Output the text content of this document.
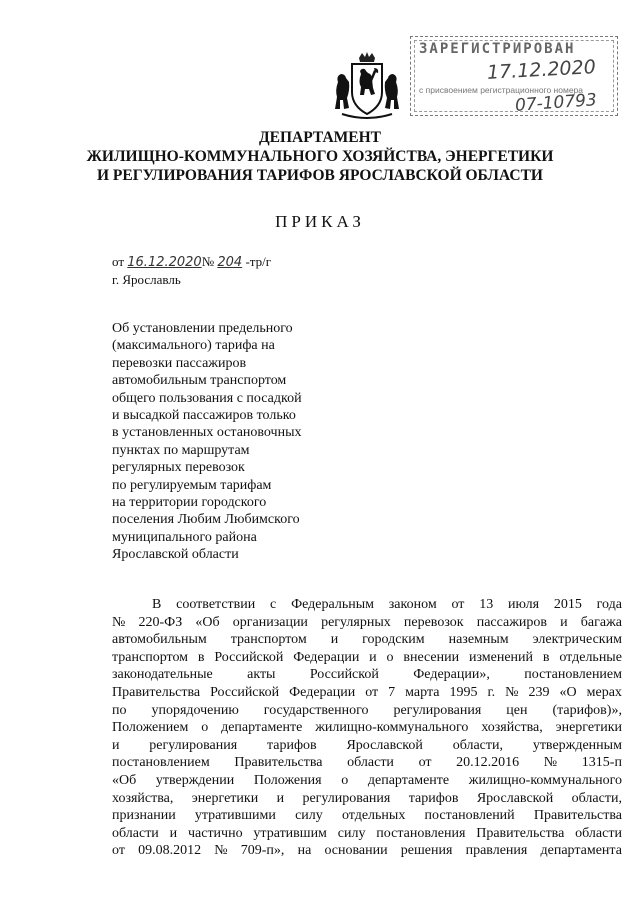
ЗАРЕГИСТРИРОВАН
17.12.2020
с присвоением регистрационного номера
07-10793
ДЕПАРТАМЕНТ
ЖИЛИЩНО-КОММУНАЛЬНОГО ХОЗЯЙСТВА, ЭНЕРГЕТИКИ
И РЕГУЛИРОВАНИЯ ТАРИФОВ ЯРОСЛАВСКОЙ ОБЛАСТИ
ПРИКАЗ
от 16.12.2020№ 204 -тр/г
г. Ярославль
Об установлении предельного
(максимального) тарифа на
перевозки пассажиров
автомобильным транспортом
общего пользования с посадкой
и высадкой пассажиров только
в установленных остановочных
пунктах по маршрутам
регулярных перевозок
по регулируемым тарифам
на территории городского
поселения Любим Любимского
муниципального района
Ярославской области
В соответствии с Федеральным законом от 13 июля 2015 года
№ 220-ФЗ «Об организации регулярных перевозок пассажиров и багажа
автомобильным транспортом и городским наземным электрическим
транспортом в Российской Федерации и о внесении изменений в отдельные
законодательные акты Российской Федерации», постановлением
Правительства Российской Федерации от 7 марта 1995 г. № 239 «О мерах
по упорядочению государственного регулирования цен (тарифов)»,
Положением о департаменте жилищно-коммунального хозяйства, энергетики
и регулирования тарифов Ярославской области, утвержденным
постановлением Правительства области от 20.12.2016 № 1315-п
«Об утверждении Положения о департаменте жилищно-коммунального
хозяйства, энергетики и регулирования тарифов Ярославской области,
признании утратившими силу отдельных постановлений Правительства
области и частично утратившим силу постановления Правительства области
от 09.08.2012 № 709-п», на основании решения правления департамента
